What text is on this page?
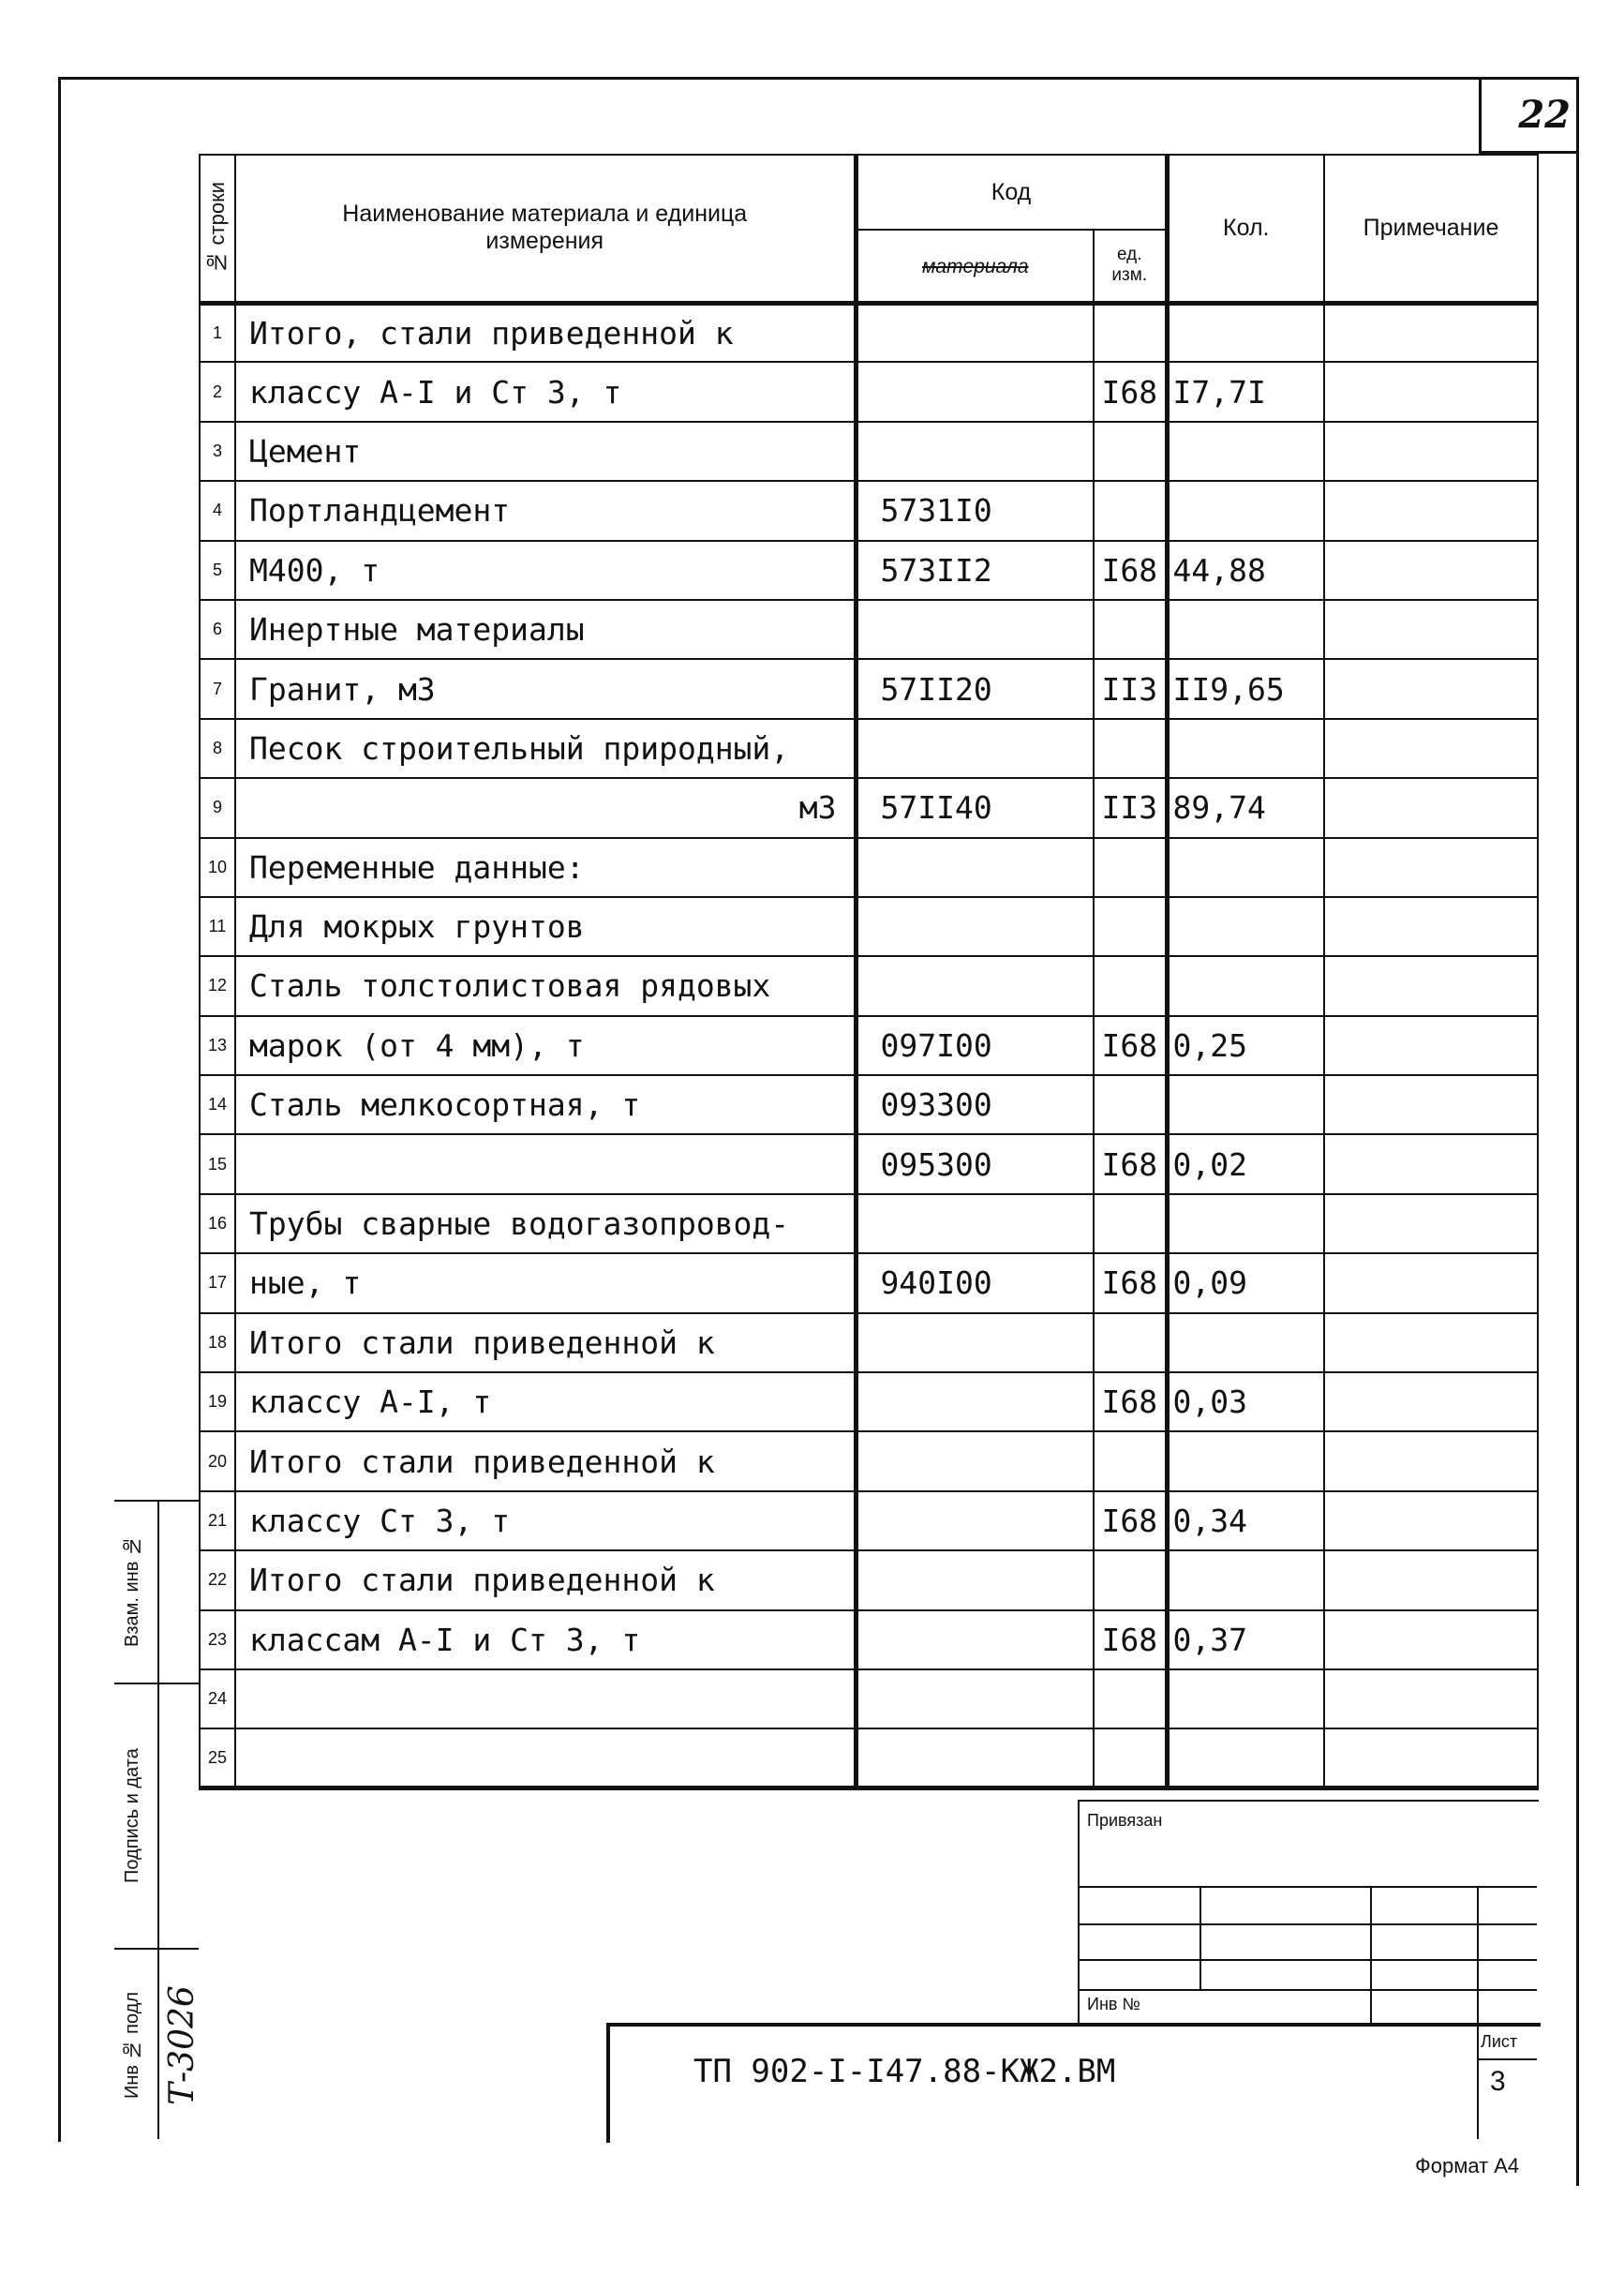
22
№ строки	Наименование материала и единица измерения	Код		Кол.	Примечание
		материала	ед. изм.		

1	Итого, стали приведенной к				
2	классу А-I и Ст 3, т		I68	I7,7I	
3	Цемент				
4	Портландцемент	5731I0			
5	М400, т	573II2	I68	44,88	
6	Инертные материалы				
7	Гранит, м3	57II20	II3	II9,65	
8	Песок строительный природный,				
9	м3	57II40	II3	89,74	
10	Переменные данные:				
11	Для мокрых грунтов				
12	Сталь толстолистовая рядовых				
13	марок (от 4 мм), т	097I00	I68	0,25	
14	Сталь мелкосортная, т	093300			
15		095300	I68	0,02	
16	Трубы сварные водогазопровод-				
17	ные, т	940I00	I68	0,09	
18	Итого стали приведенной к				
19	классу А-I, т		I68	0,03	
20	Итого стали приведенной к				
21	классу Ст 3, т		I68	0,34	
22	Итого стали приведенной к				
23	классам А-I и Ст 3, т		I68	0,37	
24					
25					
Взам. инв №
Подпись и дата
Инв № подл Т-3026
Привязан
Инв №
ТП 902-I-I47.88-КЖ2.ВМ
Лист
3
Формат А4
